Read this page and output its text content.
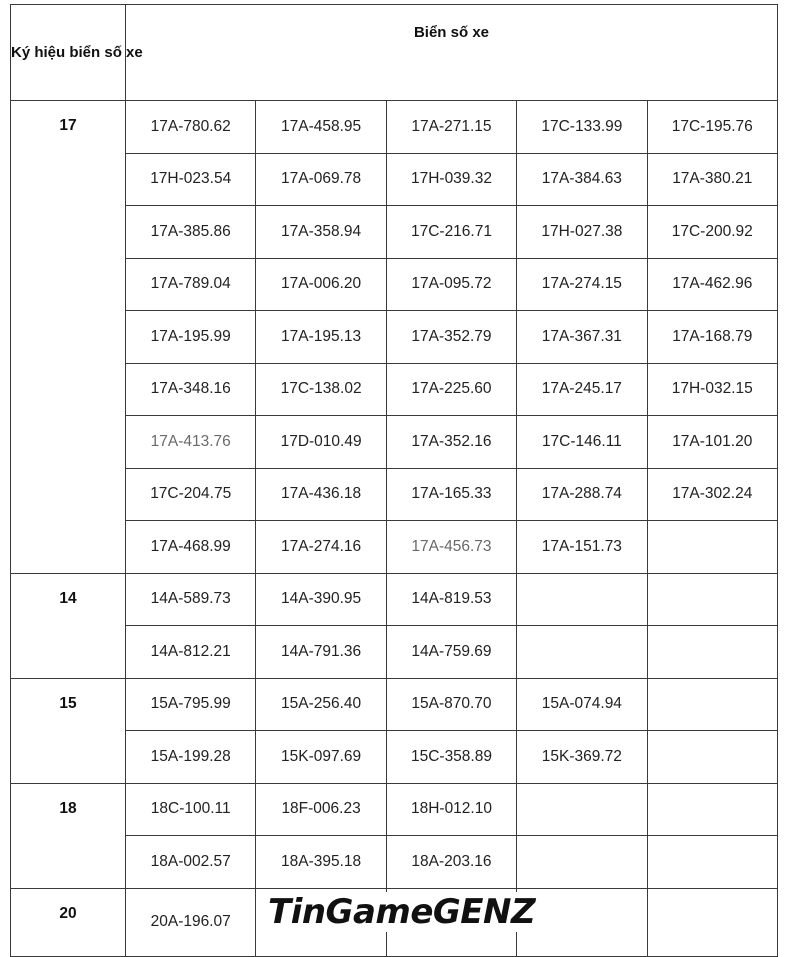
Ký hiệu biển số xe	Biển số xe				
17	17A-780.62	17A-458.95	17A-271.15	17C-133.99	17C-195.76
	17H-023.54	17A-069.78	17H-039.32	17A-384.63	17A-380.21
	17A-385.86	17A-358.94	17C-216.71	17H-027.38	17C-200.92
	17A-789.04	17A-006.20	17A-095.72	17A-274.15	17A-462.96
	17A-195.99	17A-195.13	17A-352.79	17A-367.31	17A-168.79
	17A-348.16	17C-138.02	17A-225.60	17A-245.17	17H-032.15
	17A-413.76	17D-010.49	17A-352.16	17C-146.11	17A-101.20
	17C-204.75	17A-436.18	17A-165.33	17A-288.74	17A-302.24
	17A-468.99	17A-274.16	17A-456.73	17A-151.73	
14	14A-589.73	14A-390.95	14A-819.53		
	14A-812.21	14A-791.36	14A-759.69		
15	15A-795.99	15A-256.40	15A-870.70	15A-074.94	
	15A-199.28	15K-097.69	15C-358.89	15K-369.72	
18	18C-100.11	18F-006.23	18H-012.10		
	18A-002.57	18A-395.18	18A-203.16		
20	20A-196.07				TinGameGENZ
